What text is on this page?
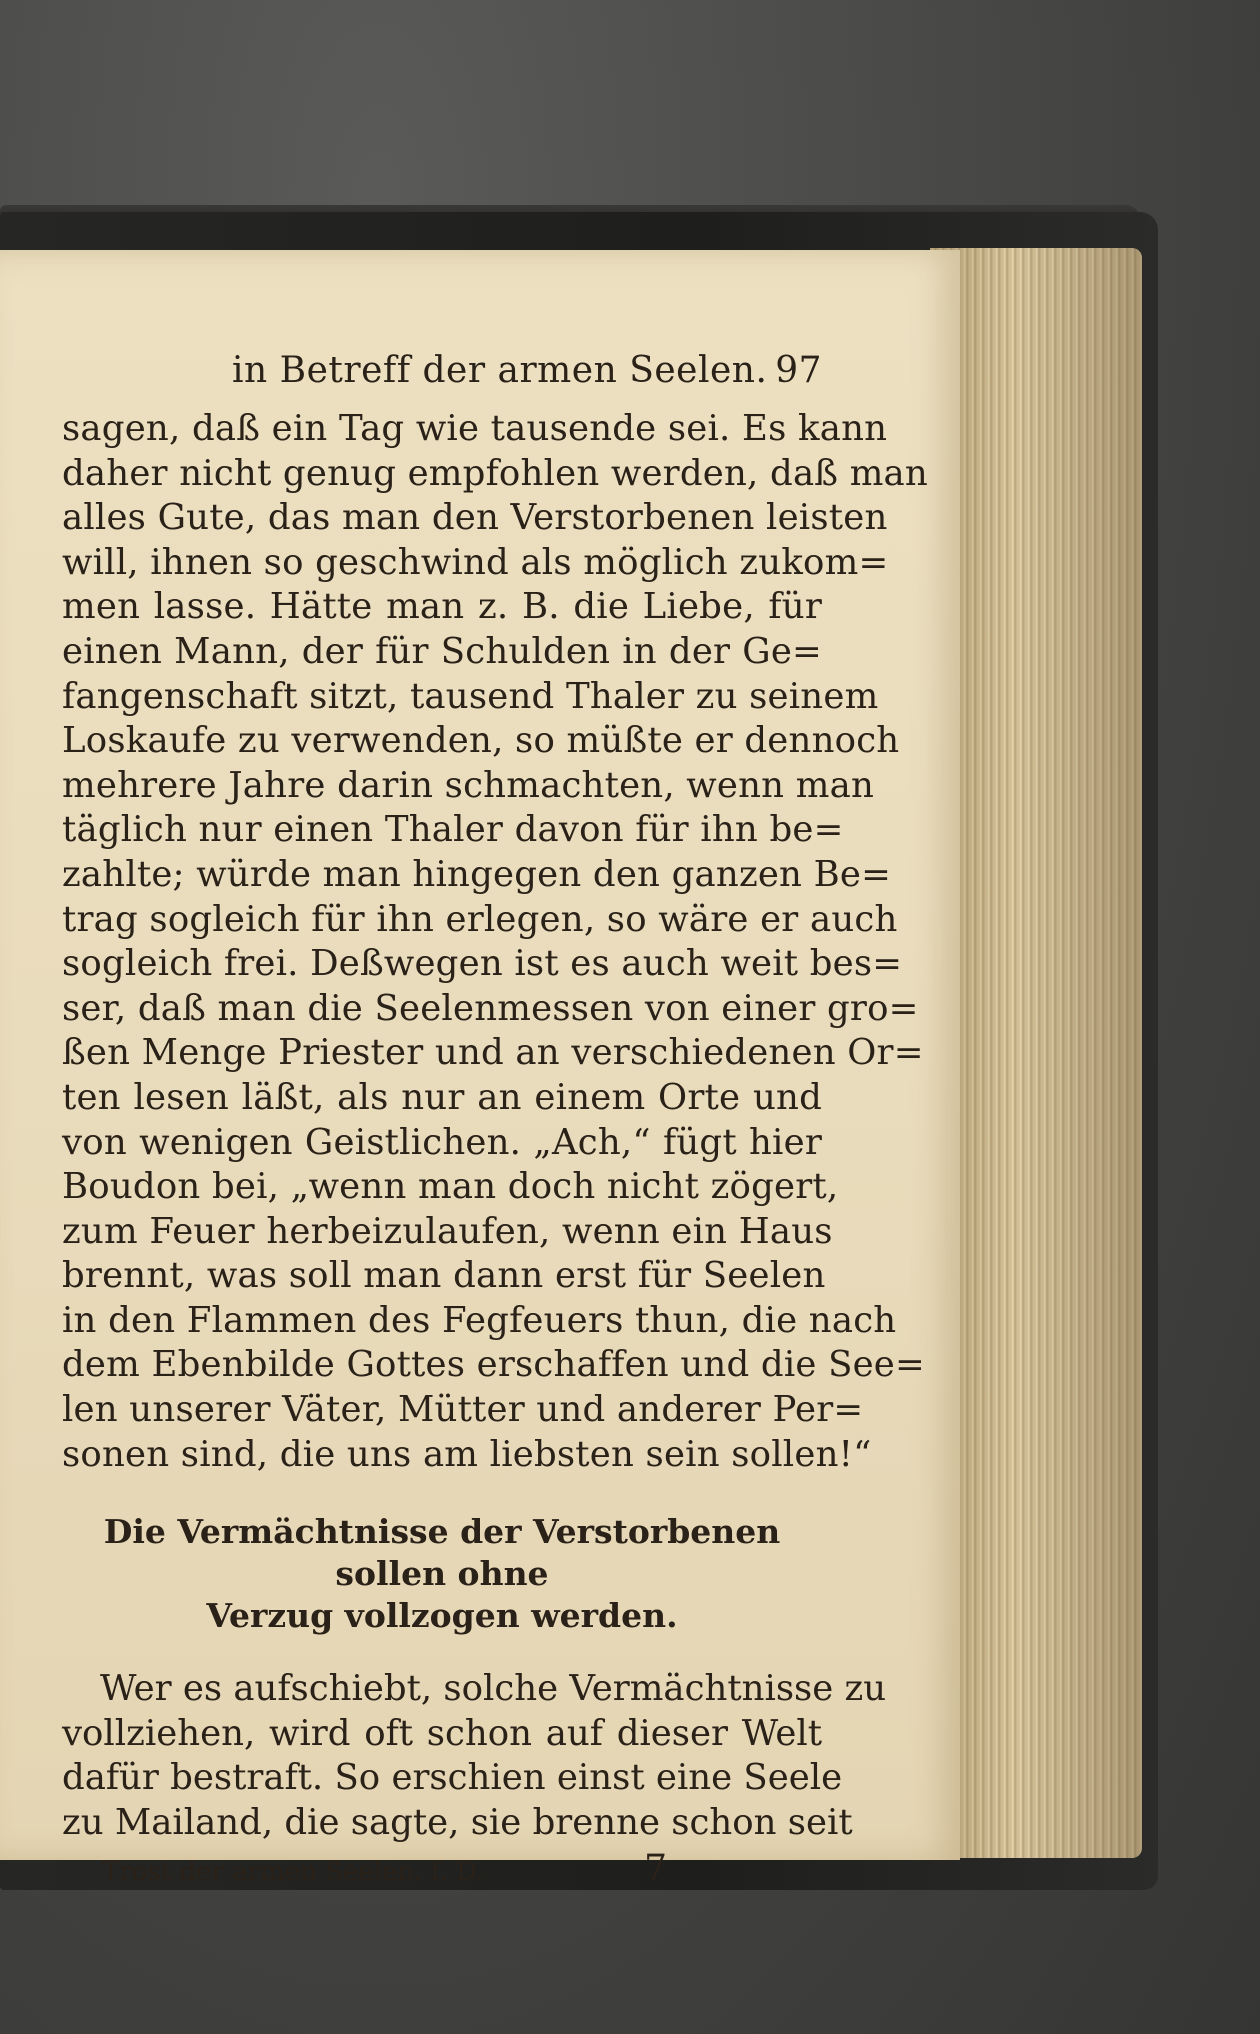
in Betreff der armen Seelen. 97

sagen, daß ein Tag wie tausende sei. Es kann

daher nicht genug empfohlen werden, daß man

alles Gute, das man den Verstorbenen leisten

will, ihnen so geschwind als möglich zukom=

men lasse. Hätte man z. B. die Liebe, für

einen Mann, der für Schulden in der Ge=

fangenschaft sitzt, tausend Thaler zu seinem

Loskaufe zu verwenden, so müßte er dennoch

mehrere Jahre darin schmachten, wenn man

täglich nur einen Thaler davon für ihn be=

zahlte; würde man hingegen den ganzen Be=

trag sogleich für ihn erlegen, so wäre er auch

sogleich frei. Deßwegen ist es auch weit bes=

ser, daß man die Seelenmessen von einer gro=

ßen Menge Priester und an verschiedenen Or=

ten lesen läßt, als nur an einem Orte und

von wenigen Geistlichen. „Ach,“ fügt hier

Boudon bei, „wenn man doch nicht zögert,

zum Feuer herbeizulaufen, wenn ein Haus

brennt, was soll man dann erst für Seelen

in den Flammen des Fegfeuers thun, die nach

dem Ebenbilde Gottes erschaffen und die See=

len unserer Väter, Mütter und anderer Per=

sonen sind, die uns am liebsten sein sollen!“

Die Vermächtnisse der Verstorbenen sollen ohne
Verzug vollzogen werden.

Wer es aufschiebt, solche Vermächtnisse zu

vollziehen, wird oft schon auf dieser Welt

dafür bestraft. So erschien einst eine Seele

zu Mailand, die sagte, sie brenne schon seit

Trost der armen Seelen. f. D.	7
